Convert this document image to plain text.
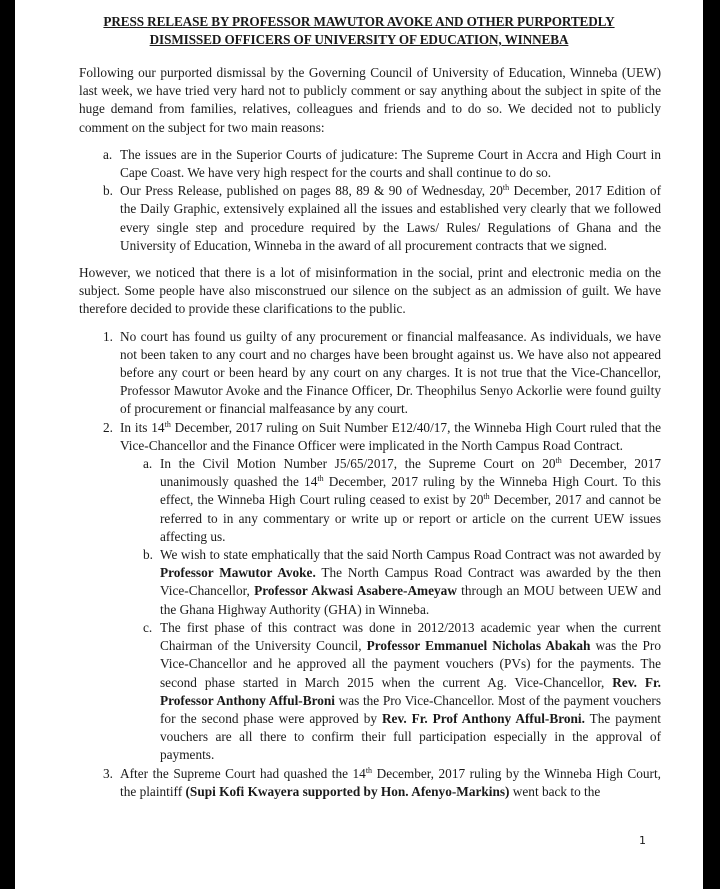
PRESS RELEASE BY PROFESSOR MAWUTOR AVOKE AND OTHER PURPORTEDLY
DISMISSED OFFICERS OF UNIVERSITY OF EDUCATION, WINNEBA

Following our purported dismissal by the Governing Council of University of Education, Winneba (UEW) last week, we have tried very hard not to publicly comment or say anything about the subject in spite of the huge demand from families, relatives, colleagues and friends and to do so. We decided not to publicly comment on the subject for two main reasons:

a. The issues are in the Superior Courts of judicature: The Supreme Court in Accra and High Court in Cape Coast. We have very high respect for the courts and shall continue to do so.
b. Our Press Release, published on pages 88, 89 & 90 of Wednesday, 20th December, 2017 Edition of the Daily Graphic, extensively explained all the issues and established very clearly that we followed every single step and procedure required by the Laws/ Rules/ Regulations of Ghana and the University of Education, Winneba in the award of all procurement contracts that we signed.

However, we noticed that there is a lot of misinformation in the social, print and electronic media on the subject. Some people have also misconstrued our silence on the subject as an admission of guilt. We have therefore decided to provide these clarifications to the public.

1. No court has found us guilty of any procurement or financial malfeasance. As individuals, we have not been taken to any court and no charges have been brought against us. We have also not appeared before any court or been heard by any court on any charges. It is not true that the Vice-Chancellor, Professor Mawutor Avoke and the Finance Officer, Dr. Theophilus Senyo Ackorlie were found guilty of procurement or financial malfeasance by any court.
2. In its 14th December, 2017 ruling on Suit Number E12/40/17, the Winneba High Court ruled that the Vice-Chancellor and the Finance Officer were implicated in the North Campus Road Contract.
a. In the Civil Motion Number J5/65/2017, the Supreme Court on 20th December, 2017 unanimously quashed the 14th December, 2017 ruling by the Winneba High Court. To this effect, the Winneba High Court ruling ceased to exist by 20th December, 2017 and cannot be referred to in any commentary or write up or report or article on the current UEW issues affecting us.
b. We wish to state emphatically that the said North Campus Road Contract was not awarded by Professor Mawutor Avoke. The North Campus Road Contract was awarded by the then Vice-Chancellor, Professor Akwasi Asabere-Ameyaw through an MOU between UEW and the Ghana Highway Authority (GHA) in Winneba.
c. The first phase of this contract was done in 2012/2013 academic year when the current Chairman of the University Council, Professor Emmanuel Nicholas Abakah was the Pro Vice-Chancellor and he approved all the payment vouchers (PVs) for the payments. The second phase started in March 2015 when the current Ag. Vice-Chancellor, Rev. Fr. Professor Anthony Afful-Broni was the Pro Vice-Chancellor. Most of the payment vouchers for the second phase were approved by Rev. Fr. Prof Anthony Afful-Broni. The payment vouchers are all there to confirm their full participation especially in the approval of payments.
3. After the Supreme Court had quashed the 14th December, 2017 ruling by the Winneba High Court, the plaintiff (Supi Kofi Kwayera supported by Hon. Afenyo-Markins) went back to the
1
